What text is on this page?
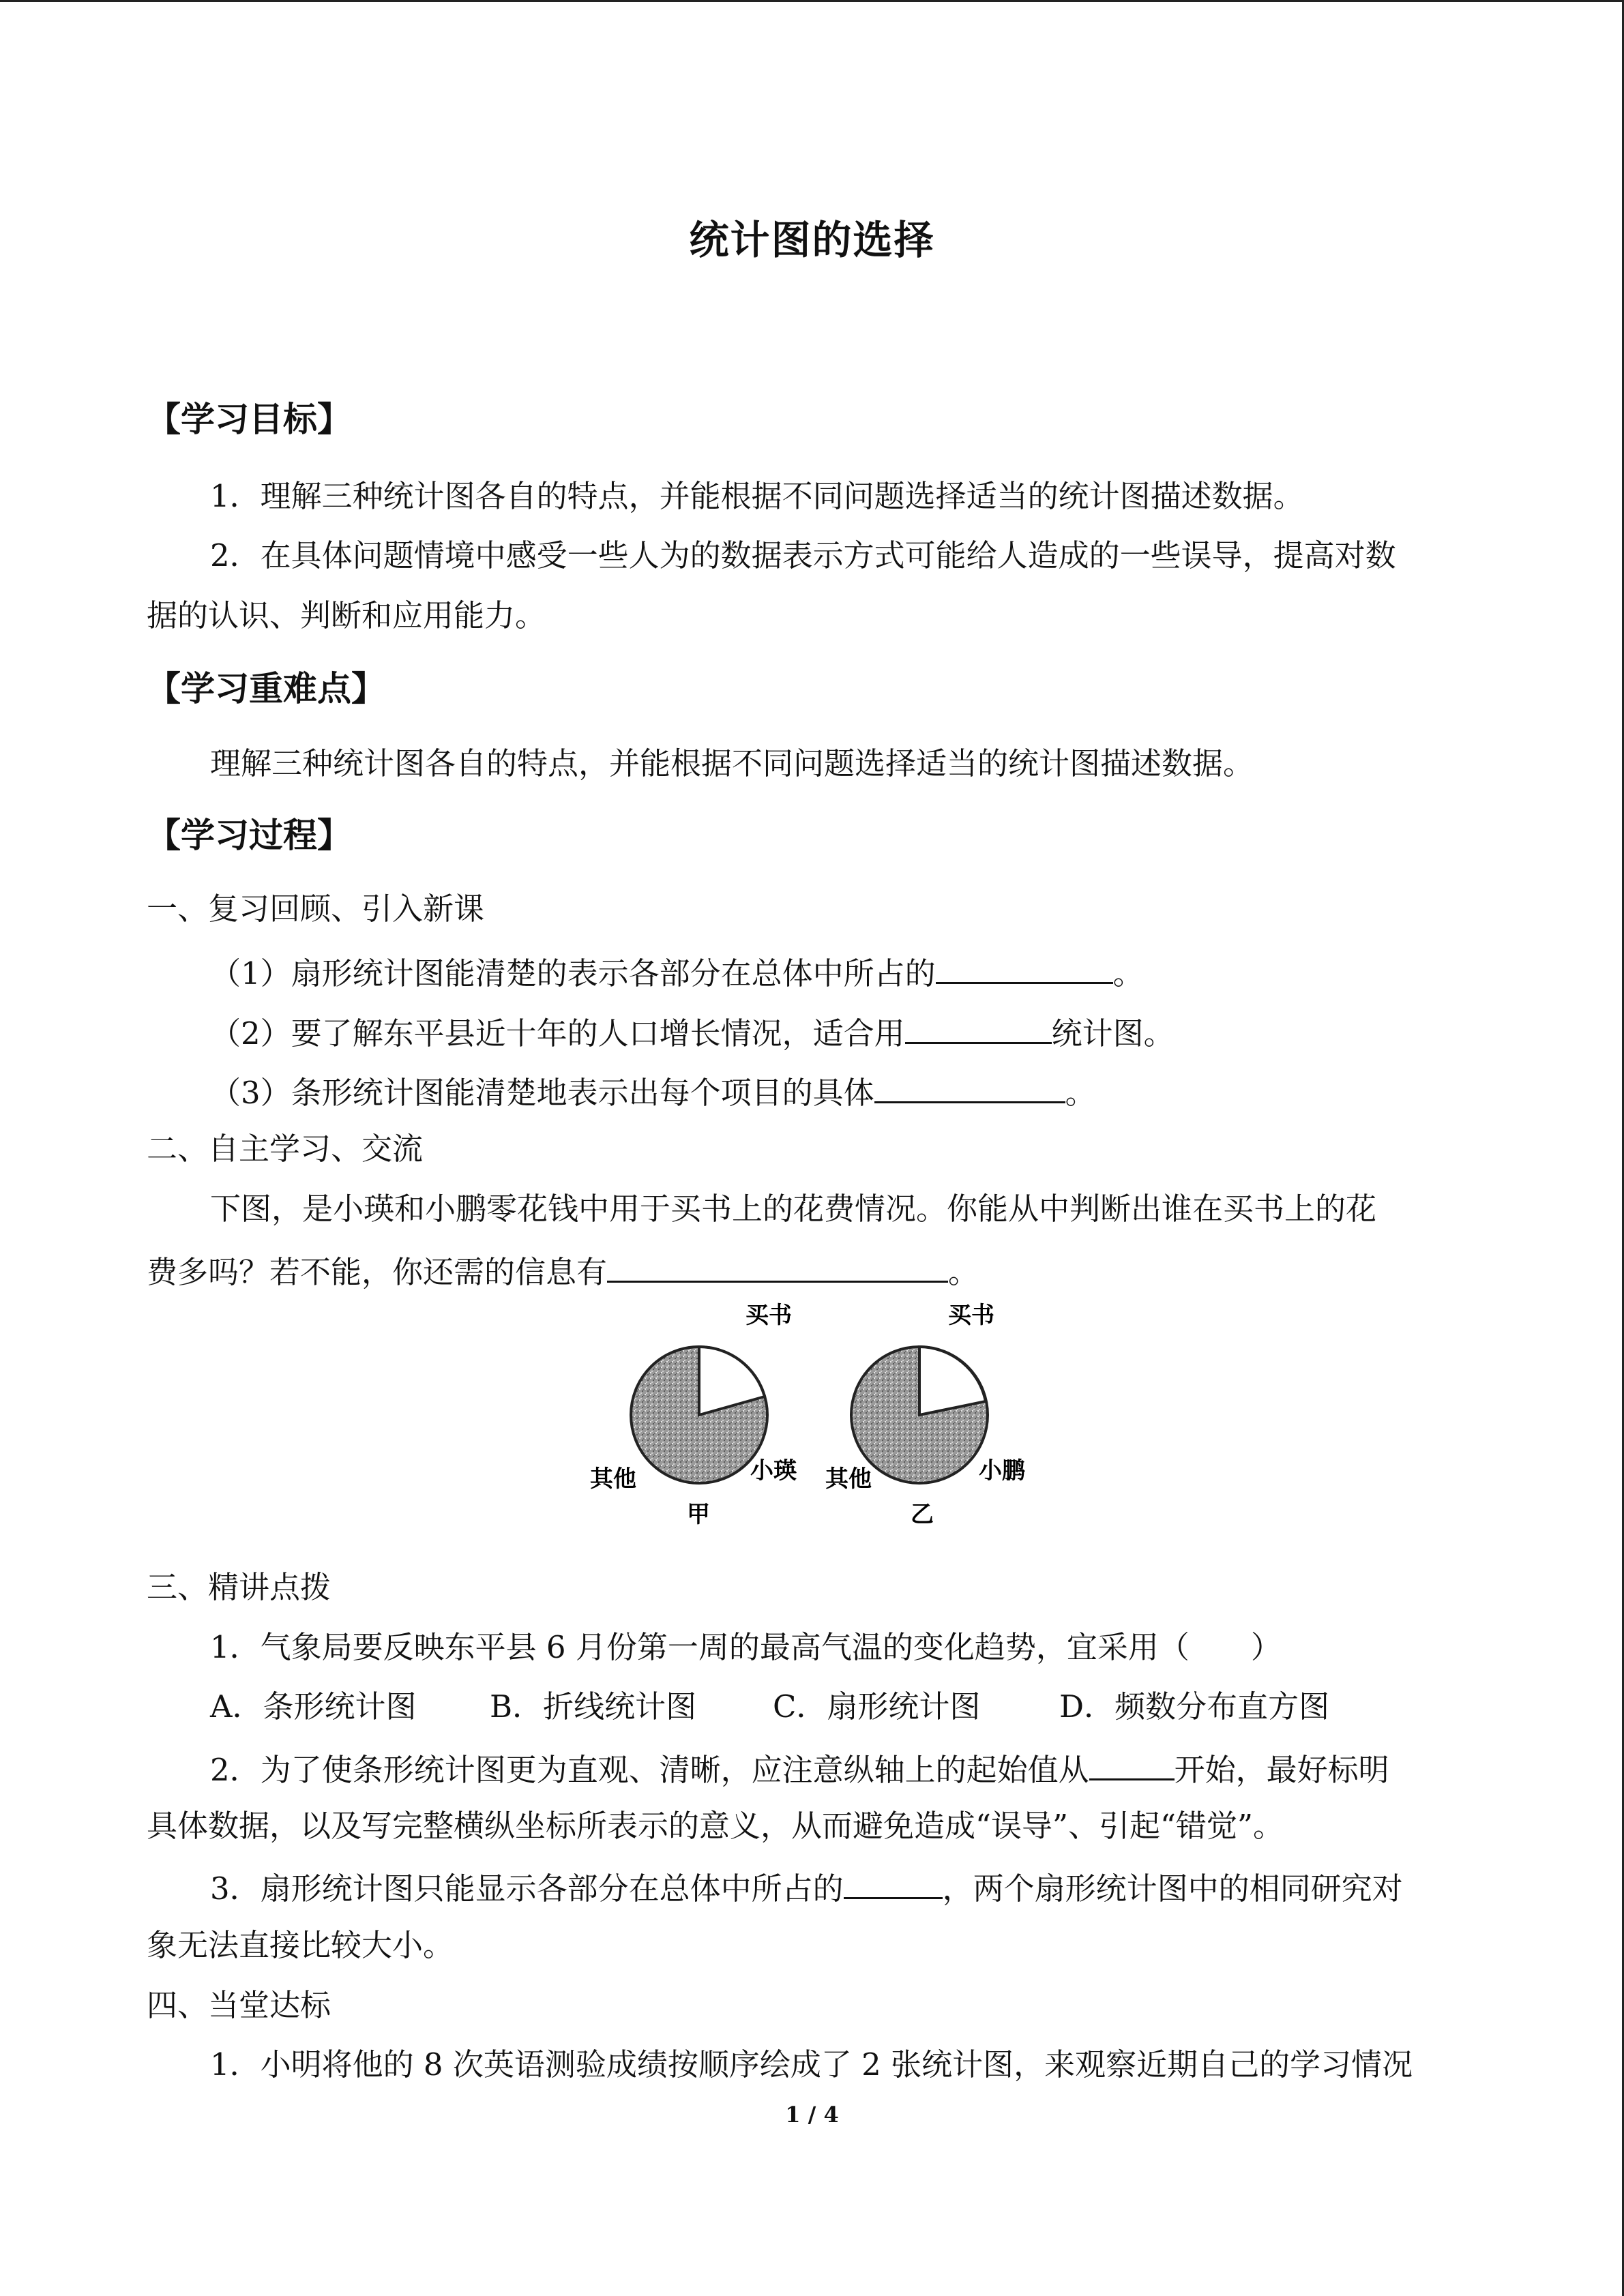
统计图的选择
【学习目标】
1．理解三种统计图各自的特点，并能根据不同问题选择适当的统计图描述数据。
2．在具体问题情境中感受一些人为的数据表示方式可能给人造成的一些误导，提高对数
据的认识、判断和应用能力。
【学习重难点】
理解三种统计图各自的特点，并能根据不同问题选择适当的统计图描述数据。
【学习过程】
一、复习回顾、引入新课
（1）扇形统计图能清楚的表示各部分在总体中所占的	。
（2）要了解东平县近十年的人口增长情况，适合用	统计图。
（3）条形统计图能清楚地表示出每个项目的具体	。
二、自主学习、交流
下图，是小瑛和小鹏零花钱中用于买书上的花费情况。你能从中判断出谁在买书上的花
费多吗？若不能，你还需的信息有	。
买书
其他	小瑛
甲
买书
其他	小鹏
乙
三、精讲点拨
1．气象局要反映东平县 6 月份第一周的最高气温的变化趋势，宜采用（　　）
A．条形统计图 B．折线统计图 C．扇形统计图	D．频数分布直方图
2．为了使条形统计图更为直观、清晰，应注意纵轴上的起始值从	开始，最好标明
具体数据，以及写完整横纵坐标所表示的意义，从而避免造成“误导”、引起“错觉”。
3．扇形统计图只能显示各部分在总体中所占的	，两个扇形统计图中的相同研究对
象无法直接比较大小。
四、当堂达标
1．小明将他的 8 次英语测验成绩按顺序绘成了 2 张统计图，来观察近期自己的学习情况
1 / 4
